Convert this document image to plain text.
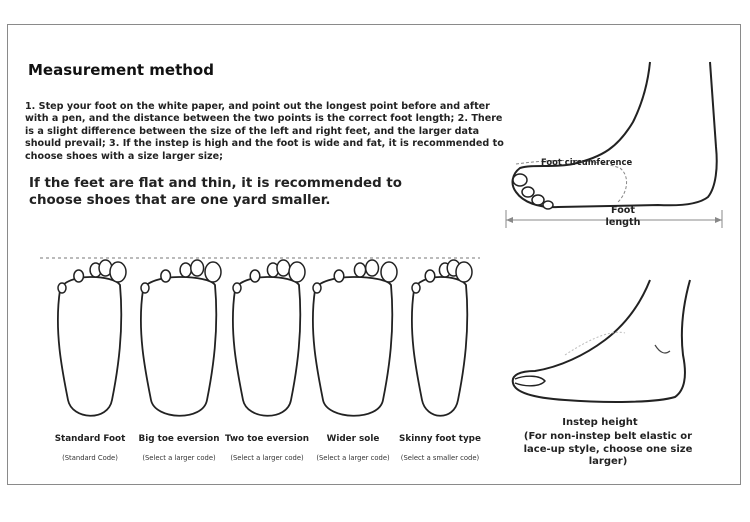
Measurement method
1. Step your foot on the white paper, and point out the longest point before and after with a pen, and the distance between the two points is the correct foot length; 2. There is a slight difference between the size of the left and right feet, and the larger data should prevail; 3. If the instep is high and the foot is wide and fat, it is recommended to choose shoes with a size larger size;
If the feet are flat and thin, it is recommended to choose shoes that are one yard smaller.
Foot circumference
Foot length
Standard Foot
(Standard Code)
Big toe eversion
(Select a larger code)
Two toe eversion
(Select a larger code)
Wider sole
(Select a larger code)
Skinny foot type
(Select a smaller code)
Instep height
(For non-instep belt elastic or lace-up style, choose one size larger)
